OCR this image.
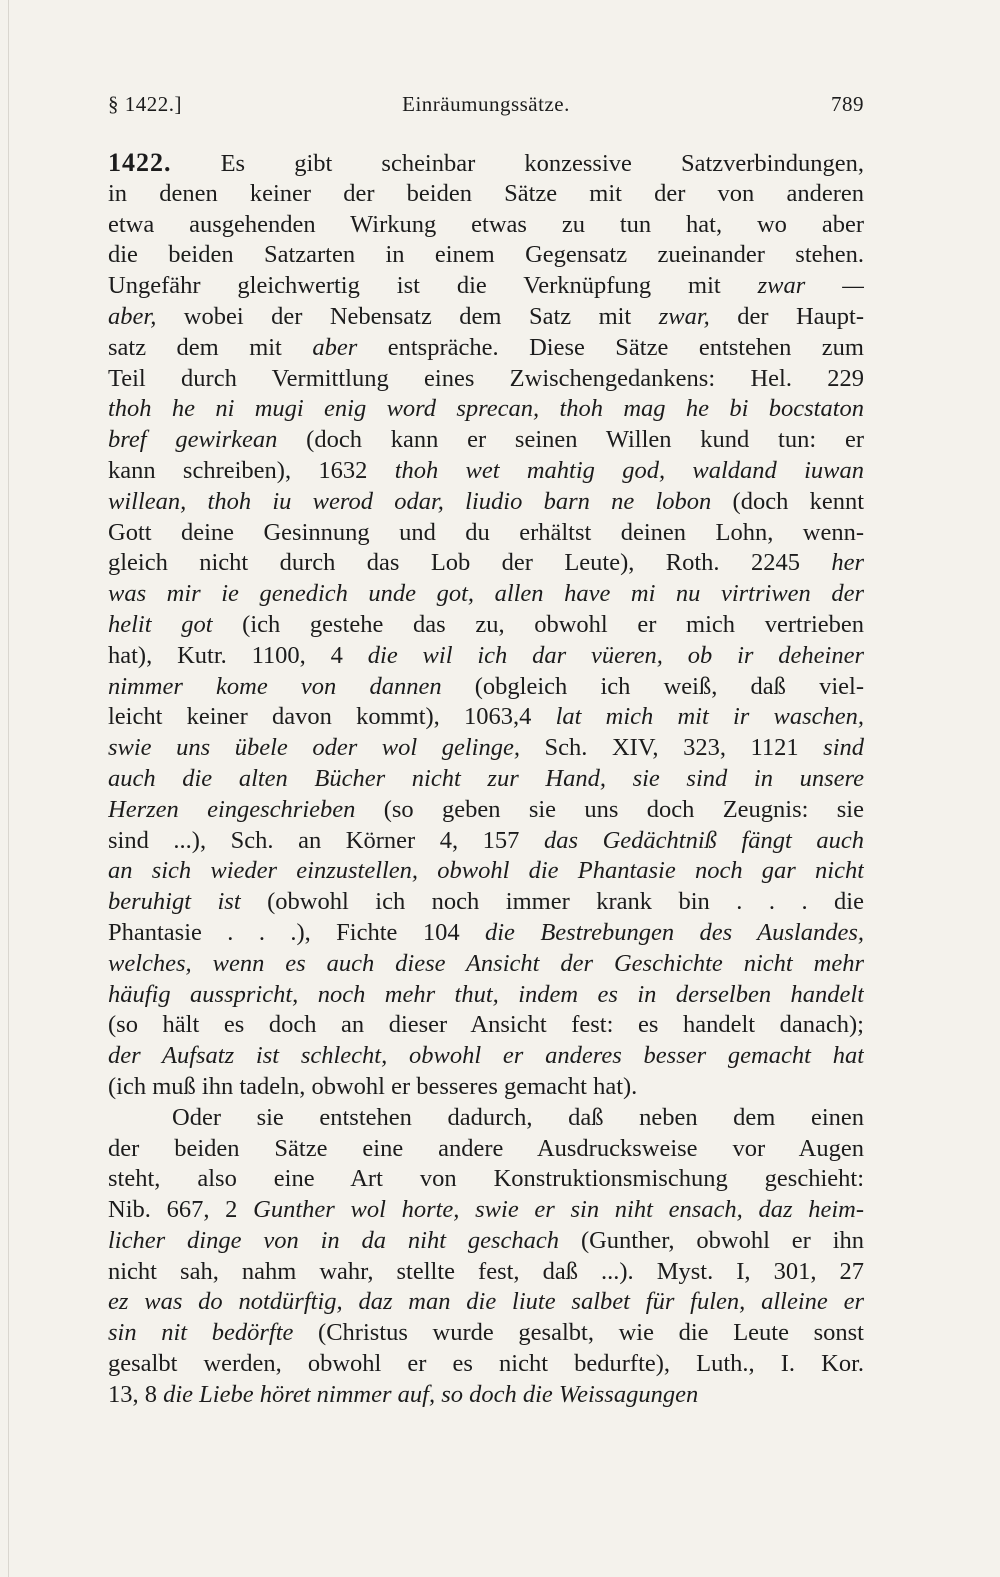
§ 1422.]	Einräumungssätze.	789
1422. Es gibt scheinbar konzessive Satzverbindungen,
in denen keiner der beiden Sätze mit der von anderen
etwa ausgehenden Wirkung etwas zu tun hat, wo aber
die beiden Satzarten in einem Gegensatz zueinander stehen.
Ungefähr gleichwertig ist die Verknüpfung mit zwar —
aber, wobei der Nebensatz dem Satz mit zwar, der Haupt-
satz dem mit aber entspräche. Diese Sätze entstehen zum
Teil durch Vermittlung eines Zwischengedankens: Hel. 229
thoh he ni mugi enig word sprecan, thoh mag he bi bocstaton
bref gewirkean (doch kann er seinen Willen kund tun: er
kann schreiben), 1632 thoh wet mahtig god, waldand iuwan
willean, thoh iu werod odar, liudio barn ne lobon (doch kennt
Gott deine Gesinnung und du erhältst deinen Lohn, wenn-
gleich nicht durch das Lob der Leute), Roth. 2245 her
was mir ie genedich unde got, allen have mi nu virtriwen der
helit got (ich gestehe das zu, obwohl er mich vertrieben
hat), Kutr. 1100, 4 die wil ich dar vüeren, ob ir deheiner
nimmer kome von dannen (obgleich ich weiß, daß viel-
leicht keiner davon kommt), 1063,4 lat mich mit ir waschen,
swie uns übele oder wol gelinge, Sch. XIV, 323, 1121 sind
auch die alten Bücher nicht zur Hand, sie sind in unsere
Herzen eingeschrieben (so geben sie uns doch Zeugnis: sie
sind ...), Sch. an Körner 4, 157 das Gedächtniß fängt auch
an sich wieder einzustellen, obwohl die Phantasie noch gar nicht
beruhigt ist (obwohl ich noch immer krank bin . . . die
Phantasie . . .), Fichte 104 die Bestrebungen des Auslandes,
welches, wenn es auch diese Ansicht der Geschichte nicht mehr
häufig ausspricht, noch mehr thut, indem es in derselben handelt
(so hält es doch an dieser Ansicht fest: es handelt danach);
der Aufsatz ist schlecht, obwohl er anderes besser gemacht hat
(ich muß ihn tadeln, obwohl er besseres gemacht hat).
Oder sie entstehen dadurch, daß neben dem einen
der beiden Sätze eine andere Ausdrucksweise vor Augen
steht, also eine Art von Konstruktionsmischung geschieht:
Nib. 667, 2 Gunther wol horte, swie er sin niht ensach, daz heim-
licher dinge von in da niht geschach (Gunther, obwohl er ihn
nicht sah, nahm wahr, stellte fest, daß ...). Myst. I, 301, 27
ez was do notdürftig, daz man die liute salbet für fulen, alleine er
sin nit bedörfte (Christus wurde gesalbt, wie die Leute sonst
gesalbt werden, obwohl er es nicht bedurfte), Luth., I. Kor.
13, 8 die Liebe höret nimmer auf, so doch die Weissagungen
